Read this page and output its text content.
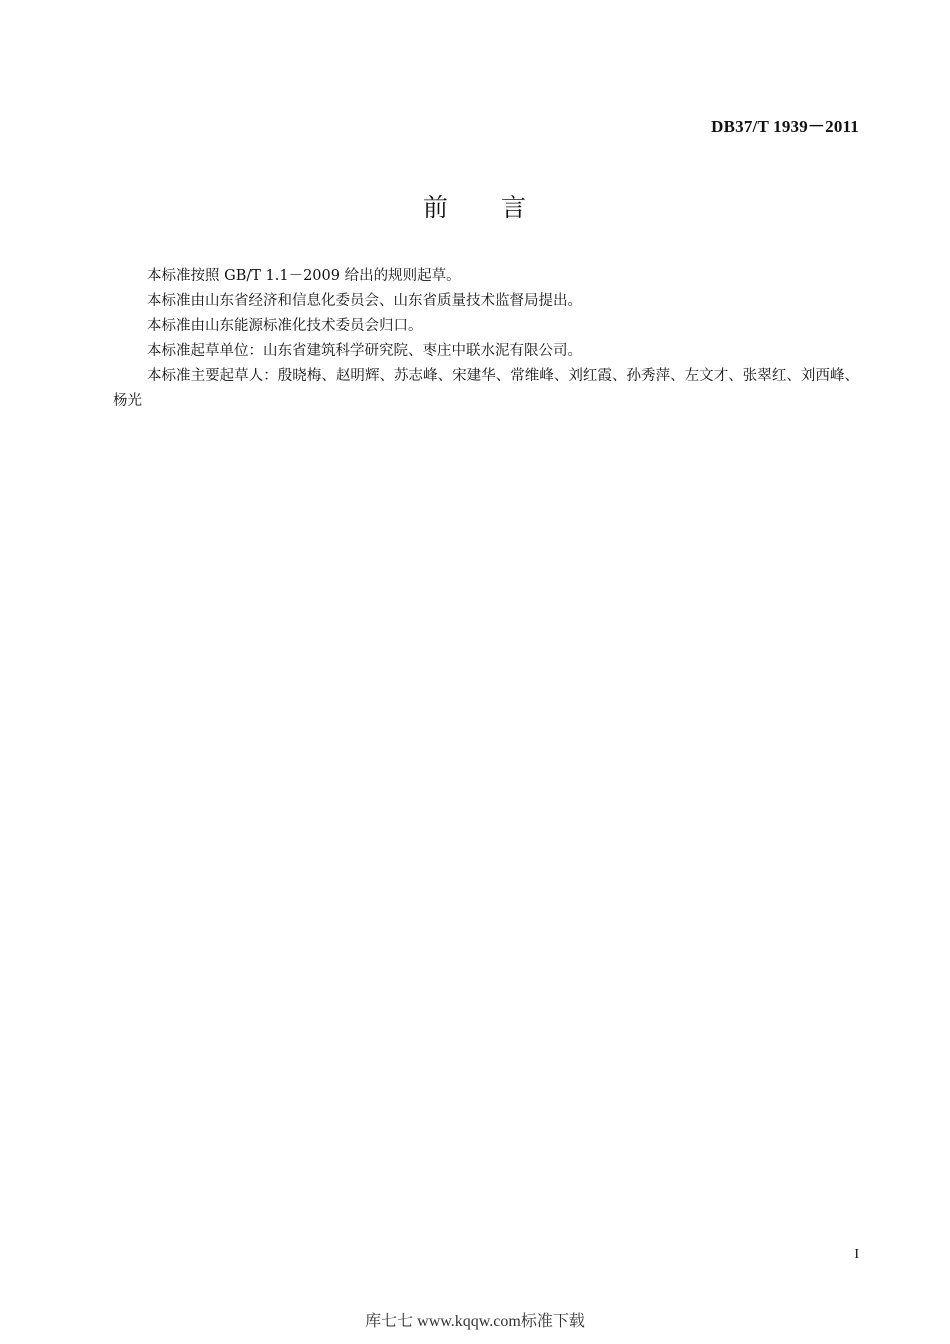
DB37/T 1939－2011
前 言

本标准按照 GB/T 1.1－2009 给出的规则起草。

本标准由山东省经济和信息化委员会、山东省质量技术监督局提出。

本标准由山东能源标准化技术委员会归口。

本标准起草单位：山东省建筑科学研究院、枣庄中联水泥有限公司。

本标准主要起草人：殷晓梅、赵明辉、苏志峰、宋建华、常维峰、刘红霞、孙秀萍、左文才、张翠红、刘西峰、杨光

I
库七七 www.kqqw.com标准下载
